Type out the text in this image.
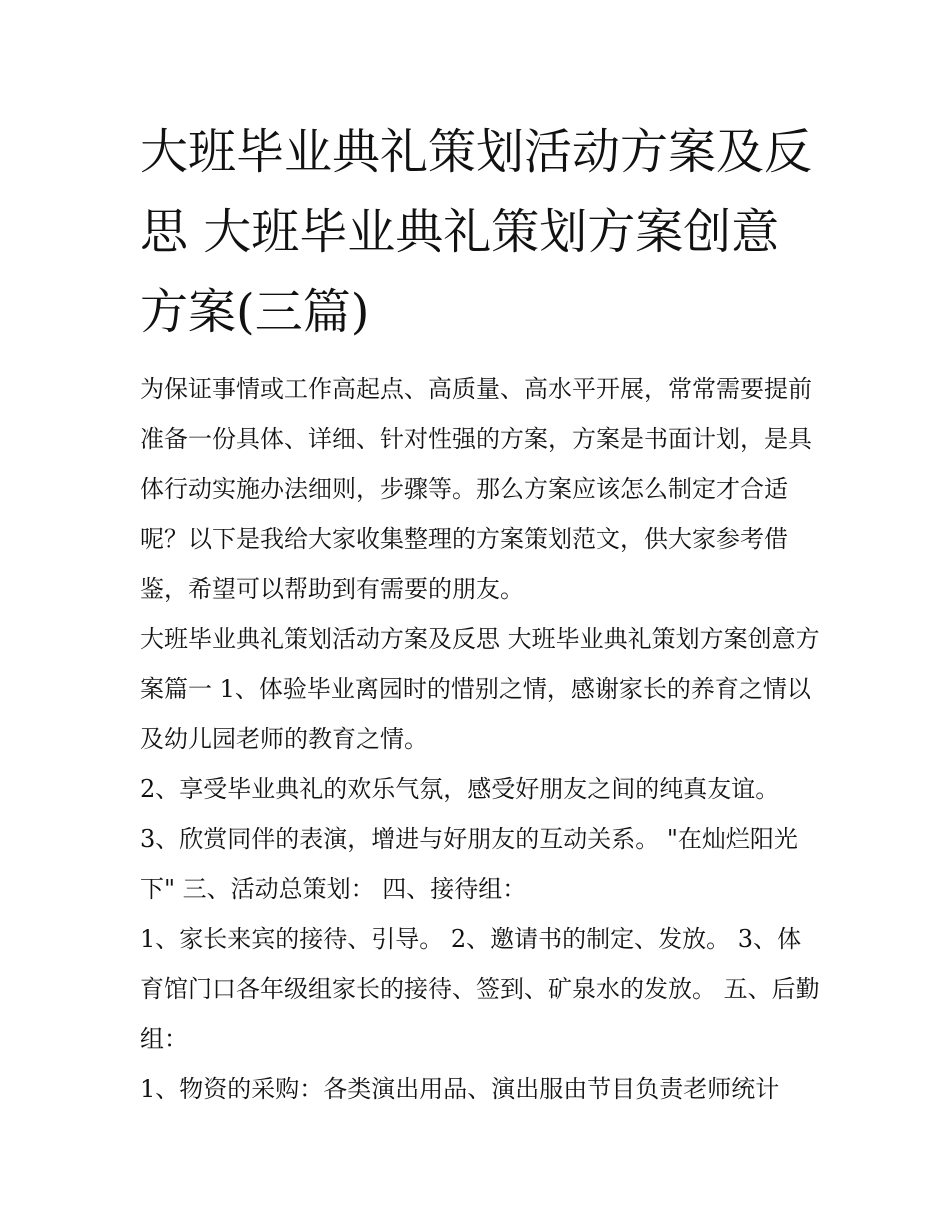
大班毕业典礼策划活动方案及反思 大班毕业典礼策划方案创意方案(三篇)

为保证事情或工作高起点、高质量、高水平开展，常常需要提前准备一份具体、详细、针对性强的方案，方案是书面计划，是具体行动实施办法细则，步骤等。那么方案应该怎么制定才合适呢？以下是我给大家收集整理的方案策划范文，供大家参考借鉴，希望可以帮助到有需要的朋友。

大班毕业典礼策划活动方案及反思 大班毕业典礼策划方案创意方案篇一 1、体验毕业离园时的惜别之情，感谢家长的养育之情以及幼儿园老师的教育之情。

2、享受毕业典礼的欢乐气氛，感受好朋友之间的纯真友谊。

3、欣赏同伴的表演，增进与好朋友的互动关系。 "在灿烂阳光下" 三、活动总策划： 四、接待组：

1、家长来宾的接待、引导。 2、邀请书的制定、发放。 3、体育馆门口各年级组家长的接待、签到、矿泉水的发放。 五、后勤组：

1、物资的采购：各类演出用品、演出服由节目负责老师统计
